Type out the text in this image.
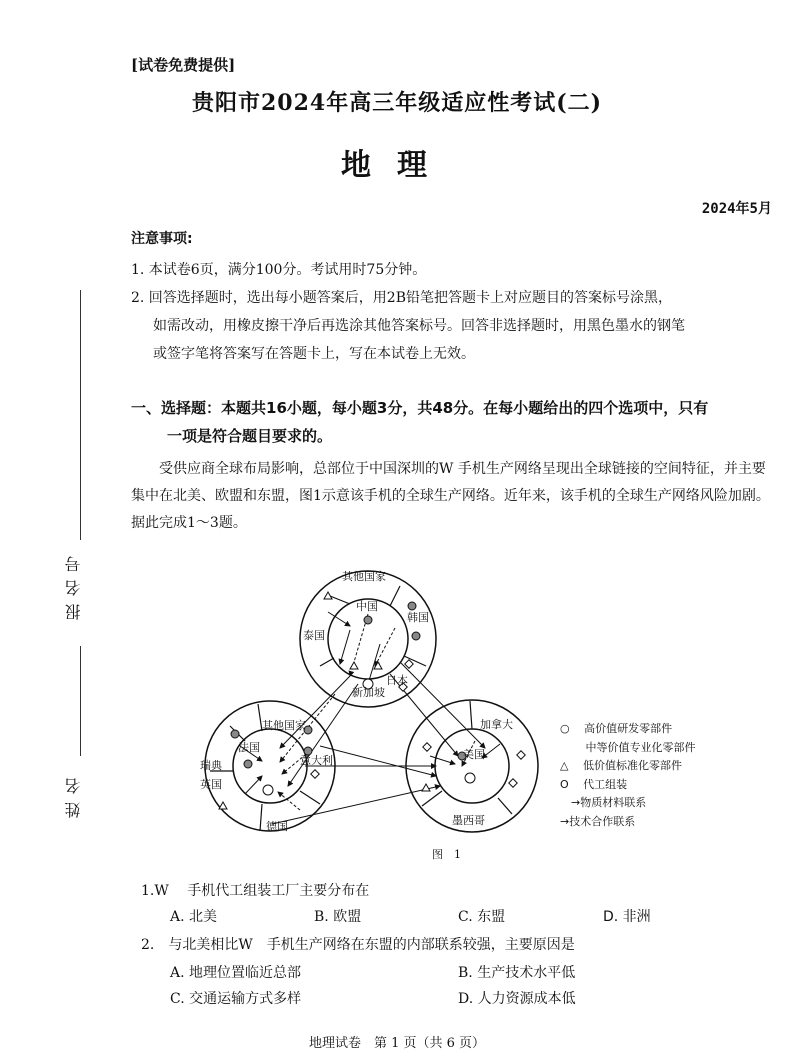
[试卷免费提供]
贵阳市2024年高三年级适应性考试(二)
地理
2024年5月
注意事项:
1. 本试卷6页，满分100分。考试用时75分钟。
2. 回答选择题时，选出每小题答案后，用2B铅笔把答题卡上对应题目的答案标号涂黑，
如需改动，用橡皮擦干净后再选涂其他答案标号。回答非选择题时，用黑色墨水的钢笔
或签字笔将答案写在答题卡上，写在本试卷上无效。
一、选择题：本题共16小题，每小题3分，共48分。在每小题给出的四个选项中，只有
一项是符合题目要求的。
受供应商全球布局影响，总部位于中国深圳的W 手机生产网络呈现出全球链接的空间特征，并主要集中在北美、欧盟和东盟，图1示意该手机的全球生产网络。近年来，该手机的全球生产网络风险加剧。据此完成1～3题。
其他国家
中国
韩国
泰国
日本
新加坡
其他国家
法国
瑞典	意大利
英国
德国
加拿大
美国
墨西哥
○　 高价值研发零部件
　　 中等价值专业化零部件
△　 低价值标准化零部件
O　 代工组装
　→物质材料联系
→技术合作联系
图　1
1.W　 手机代工组装工厂主要分布在
A. 北美	B. 欧盟	C. 东盟	D. 非洲
2.　与北美相比W　手机生产网络在东盟的内部联系较强，主要原因是
A. 地理位置临近总部	B. 生产技术水平低
C. 交通运输方式多样	D. 人力资源成本低
报名号
姓名
地理试卷　第 1 页（共 6 页）
